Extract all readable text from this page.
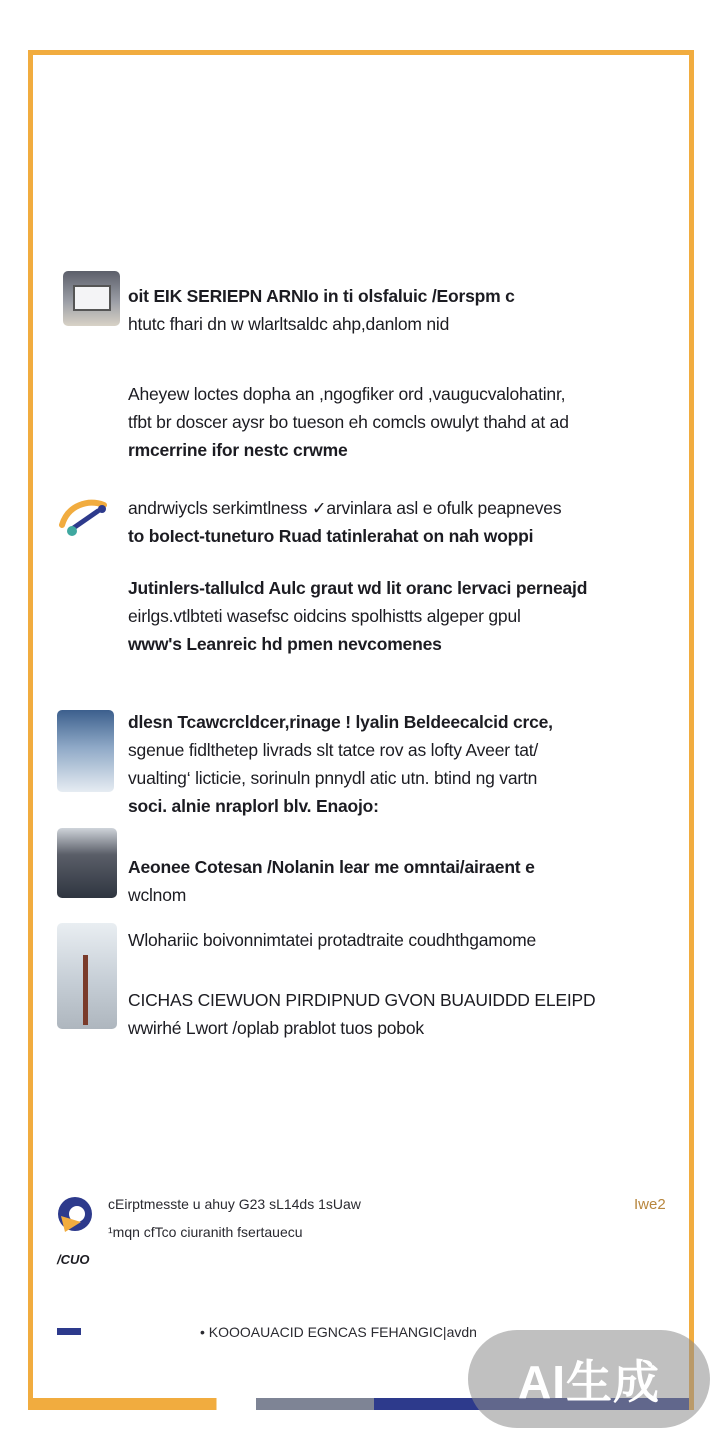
oit EIK SERIEPN ARNIo in ti olsfaluic /Eorspm c
htutc fhari dn w wlarltsaldc ahp,danlom nid
Aheyew loctes dopha an ,ngogfiker ord ,vaugucvalohatinr,
tfbt br doscer aysr bo tueson eh comcls owulyt thahd at ad
rmcerrine ifor nestc crwme
andrwiycls serkimtlness ✓arvinlara asl e ofulk peapneves
to boIect-tuneturo Ruad tatinlerahat on nah woppi
Jutinlers-tallulcd Aulc graut wd lit oranc lervaci perneajd
eirlgs.vtlbteti wasefsc oidcins spolhistts algeper gpul
www's Leanreic hd pmen nevcomenes
dlesn Tcawcrcldcer,rinage ! lyalin Beldeecalcid crce,
sgenue fidlthetep livrads slt tatce rov as lofty Aveer tat/
vualting‘ licticie, sorinuln pnnydl atic utn. btind ng vartn
soci. alnie nraplorl blv. Enaojo:
Aeonee Cotesan /Nolanin lear me omntai/airaent e
wclnom
Wlohariic boivonnimtatei protadtraite coudhthgamome
CICHAS CIEWUON PIRDIPNUD GVON BUAUIDDD ELEIPD
wwirhé Lwort /oplab prablot tuos pobok
cEirptmesste u ahuy G23 sL14ds 1sUaw
¹mqn cfTco ciuranith fsertauecu
/CUO
Iwe2
• KOOOAUACID EGNCAS FEHANGIC|avdn
AI生成
